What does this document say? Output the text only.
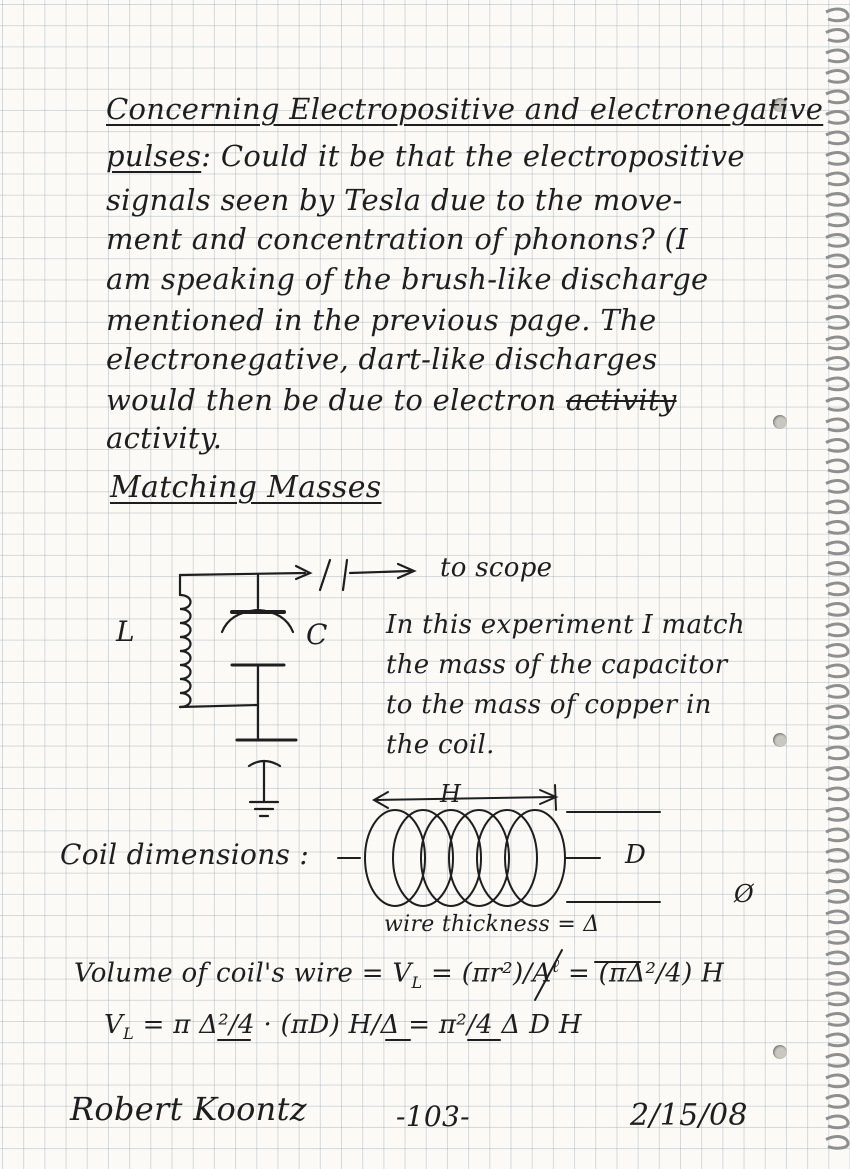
Concerning Electropositive and electronegative
pulses: Could it be that the electropositive
signals seen by Tesla due to the move-
ment and concentration of phonons? (I
am speaking of the brush-like discharge
mentioned in the previous page. The
electronegative, dart-like discharges
would then be due to electron activity
activity.
Matching Masses
L	C
to scope
In this experiment I match
the mass of the capacitor
to the mass of copper in
the coil.
Coil dimensions :
H
D
Ø
wire thickness = Δ
Volume of coil's wire = $V_L = (\pi r^2)/A^\ell = (\pi\Delta^2/4)$ H
$V_L = \pi$ Δ²/4 · (πD) H/Δ = π²/4 Δ D H
Robert Koontz	-103-	2/15/08
